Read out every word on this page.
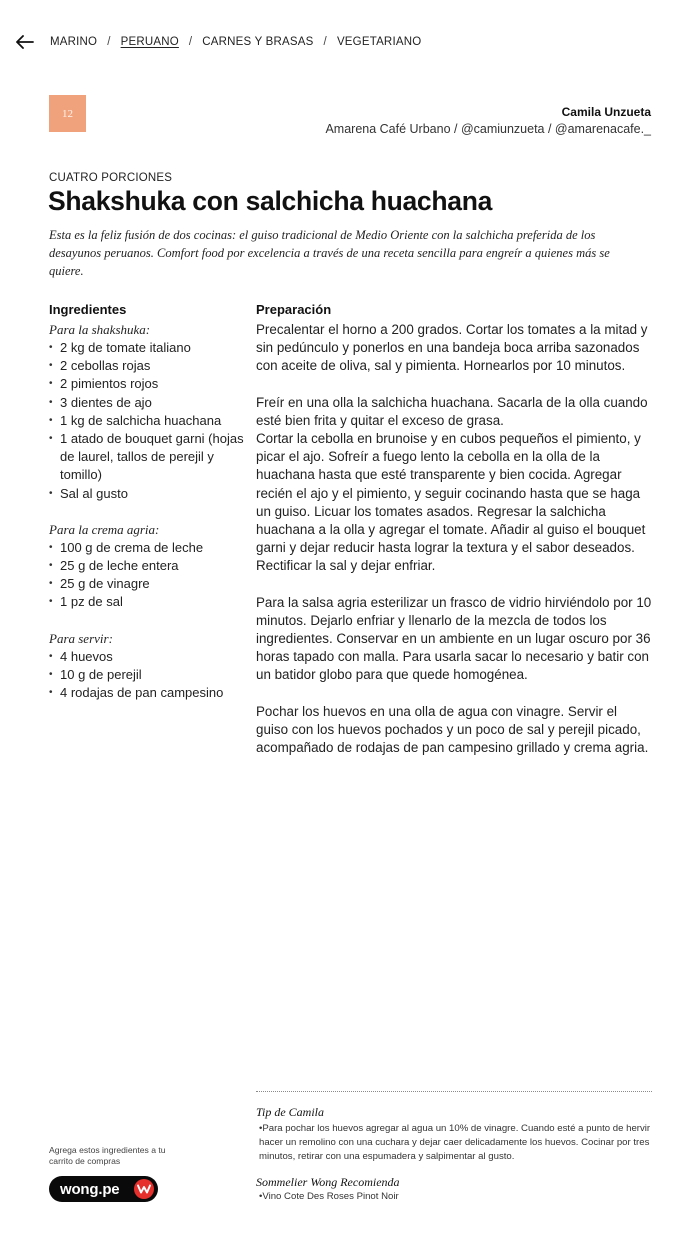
MARINO / PERUANO / CARNES Y BRASAS / VEGETARIANO
12	Camila Unzueta
Amarena Café Urbano / @camiunzueta / @amarenacafe._
CUATRO PORCIONES
Shakshuka con salchicha huachana

Esta es la feliz fusión de dos cocinas: el guiso tradicional de Medio Oriente con la salchicha preferida de los desayunos peruanos. Comfort food por excelencia a través de una receta sencilla para engreír a quienes más se quiere.

Ingredientes
Para la shakshuka:
• 2 kg de tomate italiano
• 2 cebollas rojas
• 2 pimientos rojos
• 3 dientes de ajo
• 1 kg de salchicha huachana
• 1 atado de bouquet garni (hojas de laurel, tallos de perejil y tomillo)
• Sal al gusto
Para la crema agria:
• 100 g de crema de leche
• 25 g de leche entera
• 25 g de vinagre
• 1 pz de sal
Para servir:
• 4 huevos
• 10 g de perejil
• 4 rodajas de pan campesino
Preparación

Precalentar el horno a 200 grados. Cortar los tomates a la mitad y sin pedúnculo y ponerlos en una bandeja boca arriba sazonados con aceite de oliva, sal y pimienta. Hornearlos por 10 minutos.

Freír en una olla la salchicha huachana. Sacarla de la olla cuando esté bien frita y quitar el exceso de grasa.
Cortar la cebolla en brunoise y en cubos pequeños el pimiento, y picar el ajo. Sofreír a fuego lento la cebolla en la olla de la huachana hasta que esté transparente y bien cocida. Agregar recién el ajo y el pimiento, y seguir cocinando hasta que se haga un guiso. Licuar los tomates asados. Regresar la salchicha huachana a la olla y agregar el tomate. Añadir al guiso el bouquet garni y dejar reducir hasta lograr la textura y el sabor deseados. Rectificar la sal y dejar enfriar.

Para la salsa agria esterilizar un frasco de vidrio hirviéndolo por 10 minutos. Dejarlo enfriar y llenarlo de la mezcla de todos los ingredientes. Conservar en un ambiente en un lugar oscuro por 36 horas tapado con malla. Para usarla sacar lo necesario y batir con un batidor globo para que quede homogénea.

Pochar los huevos en una olla de agua con vinagre. Servir el guiso con los huevos pochados y un poco de sal y perejil picado, acompañado de rodajas de pan campesino grillado y crema agria.

Tip de Camila
•Para pochar los huevos agregar al agua un 10% de vinagre. Cuando esté a punto de hervir hacer un remolino con una cuchara y dejar caer delicadamente los huevos. Cocinar por tres minutos, retirar con una espumadera y salpimentar al gusto.
Sommelier Wong Recomienda
•Vino Cote Des Roses Pinot Noir
Agrega estos ingredientes a tu carrito de compras
wong.pe
